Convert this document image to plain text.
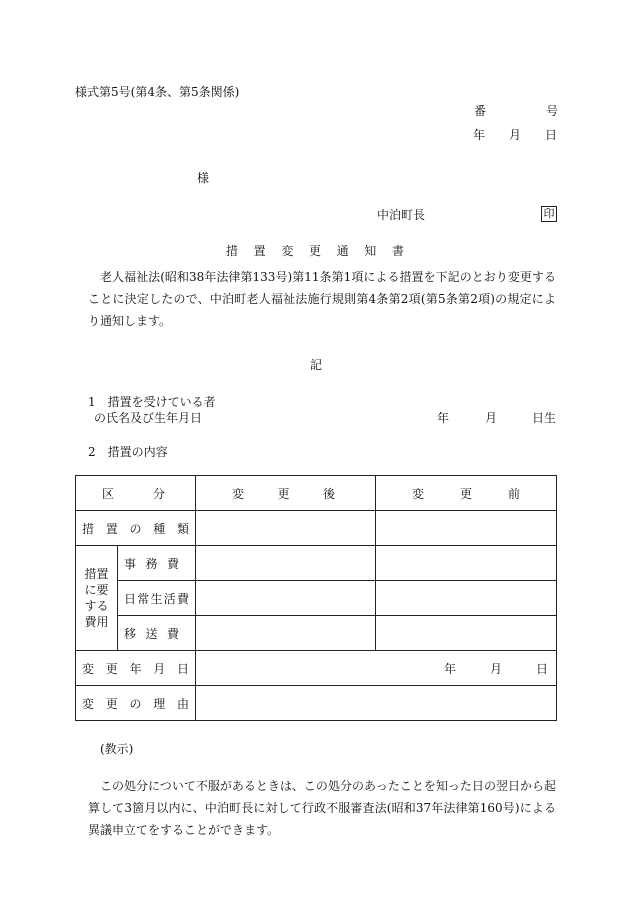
様式第5号(第4条、第5条関係)
番　　　　　号
年　　月　　日
様
中泊町長	印
措 置 変 更 通 知 書
老人福祉法(昭和38年法律第133号)第11条第1項による措置を下記のとおり変更することに決定したので、中泊町老人福祉法施行規則第4条第2項(第5条第2項)の規定により通知します。
記
1　措置を受けている者
の氏名及び生年月日	年	月	日生
2　措置の内容
区 分		変 更 後	変 更 前

措 置 の 種 類			

措置に要する費用	事 務 費		

	日 常 生 活 費		

	移 送 費		

変 更 年 月 日		年 月 日	

変 更 の 理 由			

(教示)
この処分について不服があるときは、この処分のあったことを知った日の翌日から起算して3箇月以内に、中泊町長に対して行政不服審査法(昭和37年法律第160号)による異議申立てをすることができます。
